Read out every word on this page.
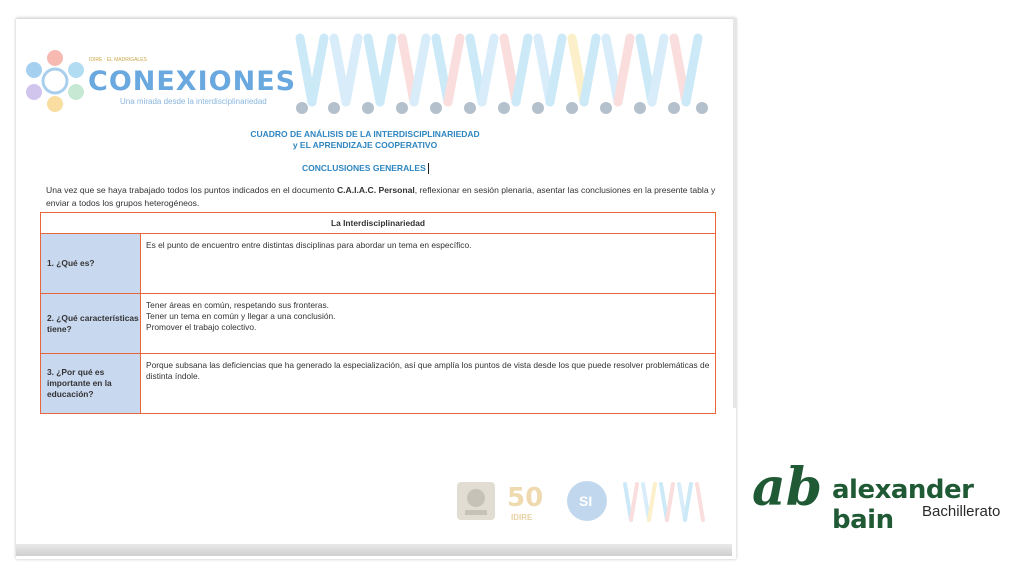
IDIRE · EL MADRIGALES
CONEXIONES
Una mirada desde la interdisciplinariedad
CUADRO DE ANÁLISIS DE LA INTERDISCIPLINARIEDAD
y EL APRENDIZAJE COOPERATIVO
CONCLUSIONES GENERALES
Una vez que se haya trabajado todos los puntos indicados en el documento C.A.I.A.C. Personal, reflexionar en sesión plenaria, asentar las conclusiones en la presente tabla y enviar a todos los grupos heterogéneos.
La Interdisciplinariedad	
1. ¿Qué es?	Es el punto de encuentro entre distintas disciplinas para abordar un tema en específico.

2. ¿Qué características tiene?	Tener áreas en común, respetando sus fronteras.
Tener un tema en común y llegar a una conclusión.
Promover el trabajo colectivo.

3. ¿Por qué es importante en la educación?	Porque subsana las deficiencias que ha generado la especialización, así que amplía los puntos de vista desde los que puede resolver problemáticas de distinta índole.
50
IDIRE
SI	ab alexander bain	Bachillerato
